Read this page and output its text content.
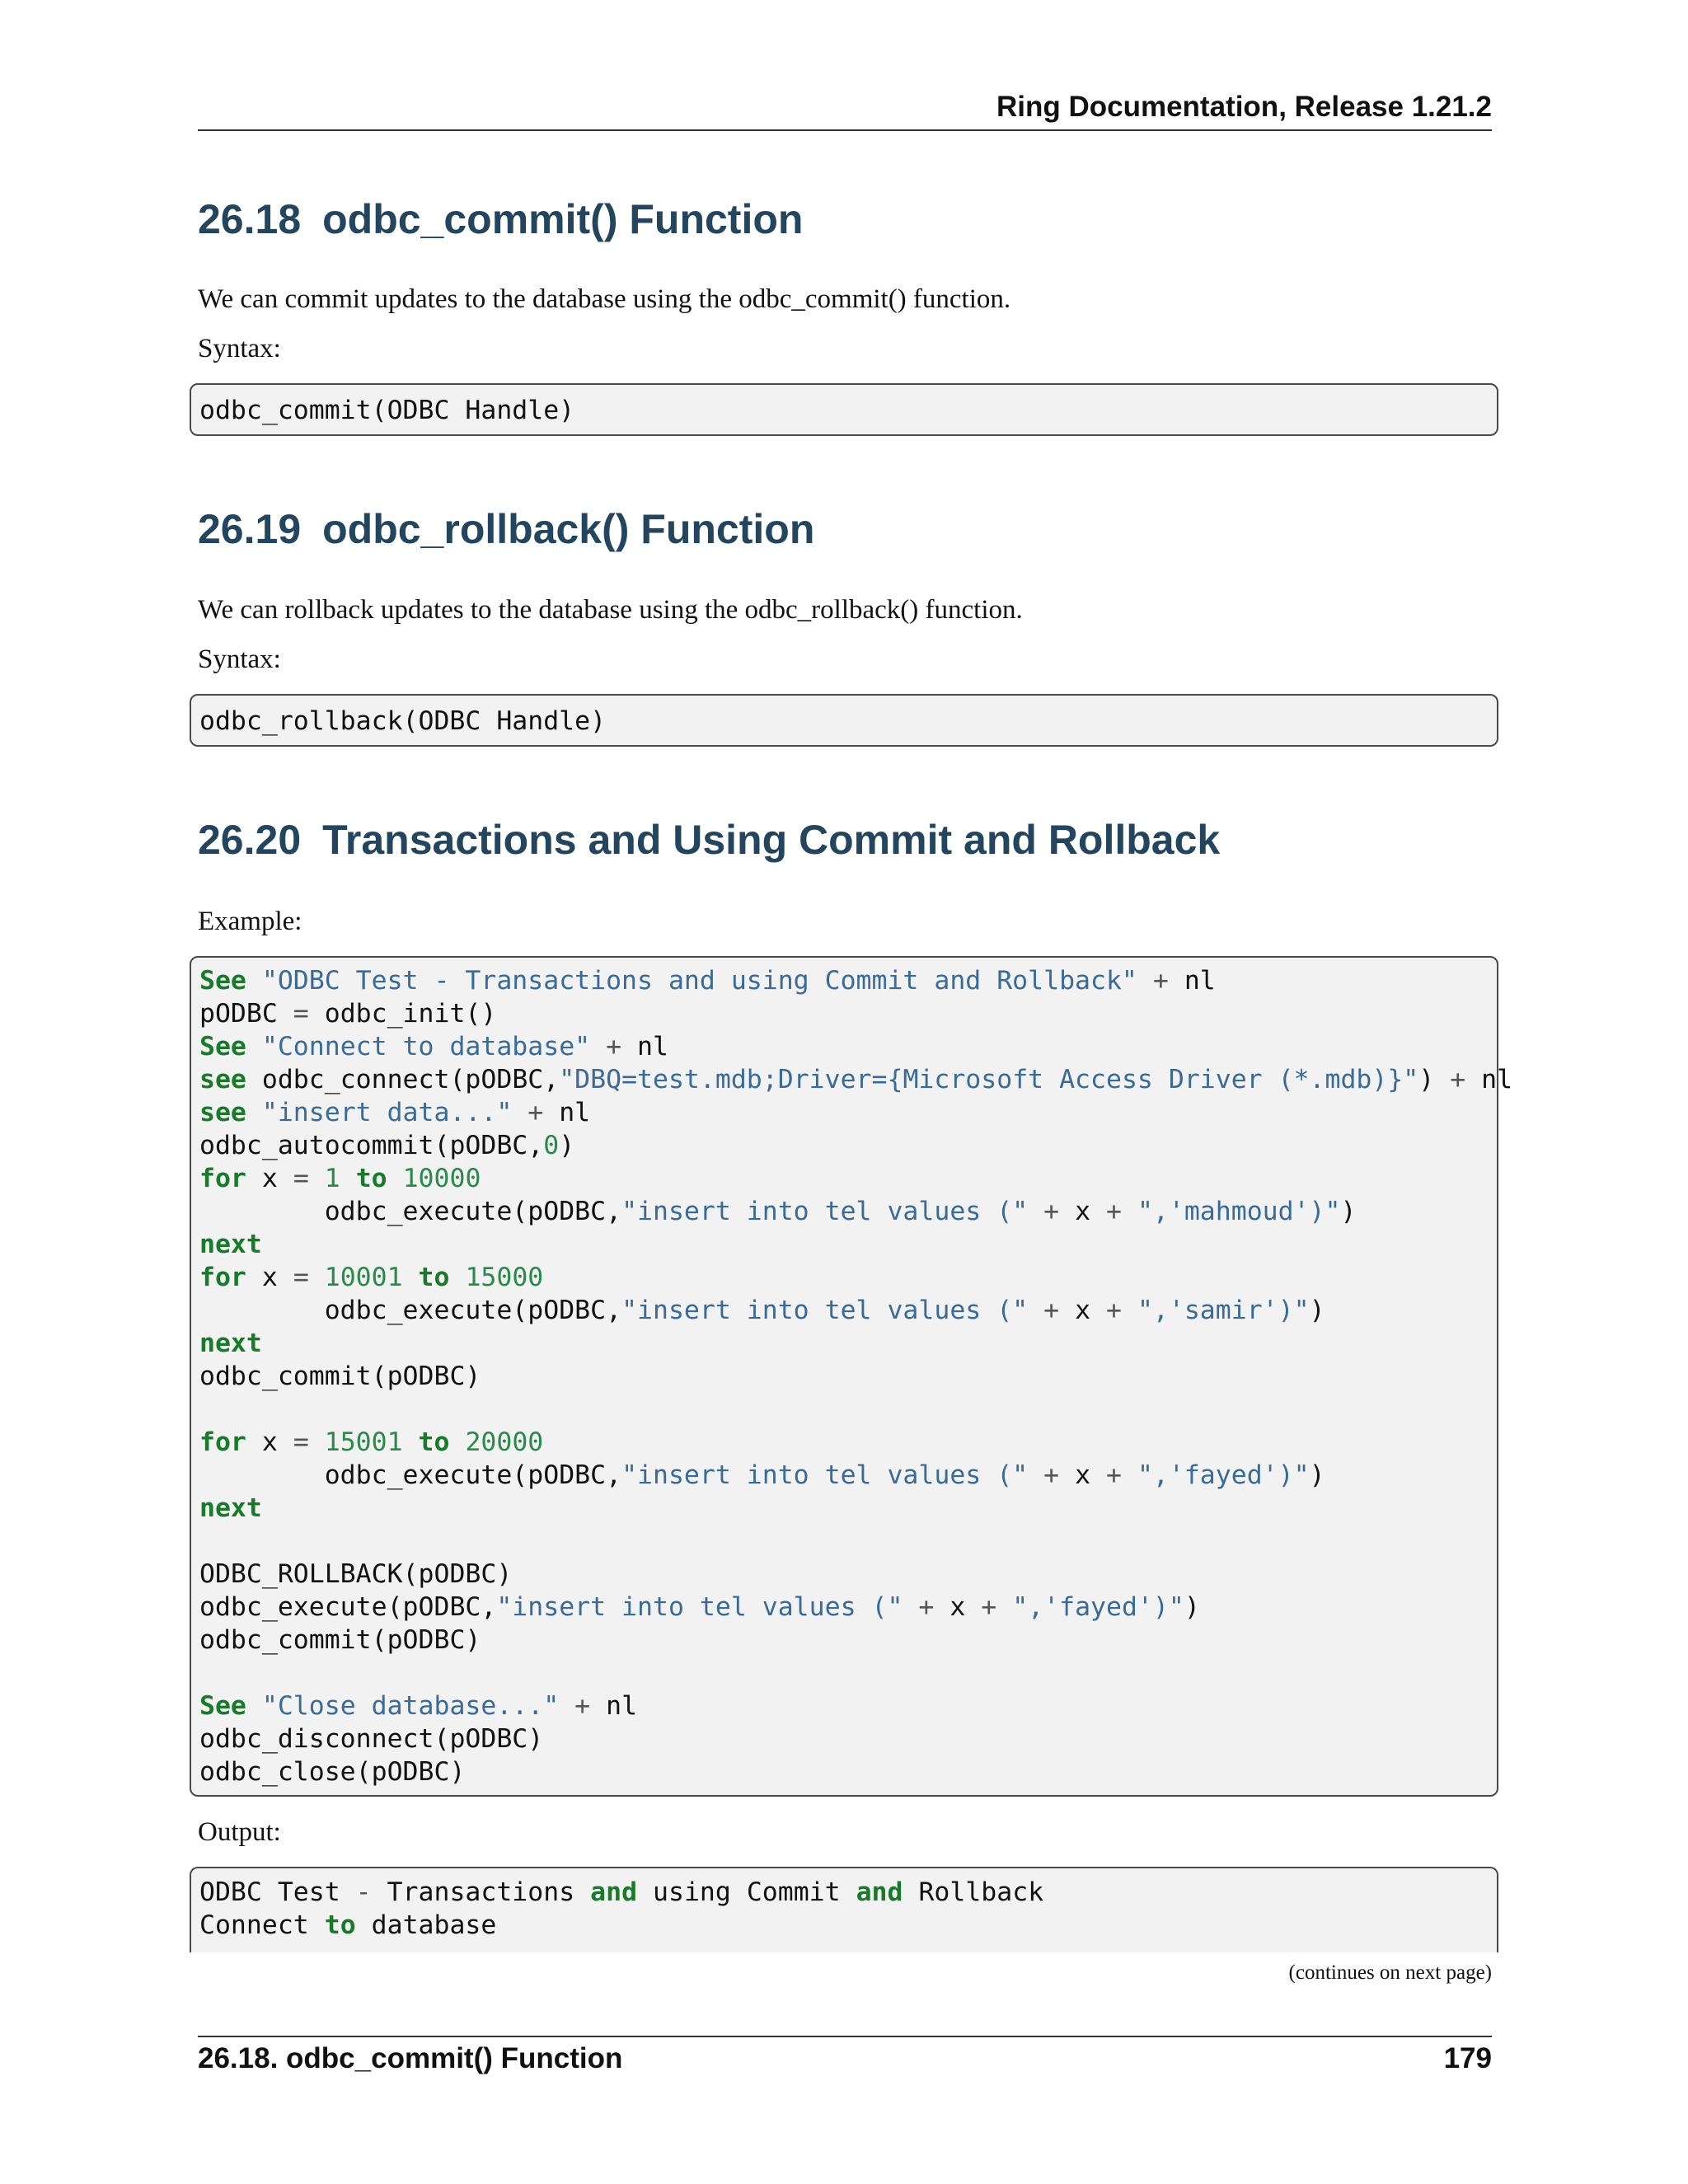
Ring Documentation, Release 1.21.2
26.18 odbc_commit() Function

We can commit updates to the database using the odbc_commit() function.

Syntax:

odbc_commit(ODBC Handle)
26.19 odbc_rollback() Function

We can rollback updates to the database using the odbc_rollback() function.

Syntax:

odbc_rollback(ODBC Handle)
26.20 Transactions and Using Commit and Rollback

Example:

See "ODBC Test - Transactions and using Commit and Rollback" + nl
pODBC = odbc_init()
See "Connect to database" + nl
see odbc_connect(pODBC,"DBQ=test.mdb;Driver={Microsoft Access Driver (*.mdb)}") + nl
see "insert data..." + nl
odbc_autocommit(pODBC,0)
for x = 1 to 10000
odbc_execute(pODBC,"insert into tel values (" + x + ",'mahmoud')")
next
for x = 10001 to 15000
odbc_execute(pODBC,"insert into tel values (" + x + ",'samir')")
next
odbc_commit(pODBC)

for x = 15001 to 20000
odbc_execute(pODBC,"insert into tel values (" + x + ",'fayed')")
next

ODBC_ROLLBACK(pODBC)
odbc_execute(pODBC,"insert into tel values (" + x + ",'fayed')")
odbc_commit(pODBC)

See "Close database..." + nl
odbc_disconnect(pODBC)
odbc_close(pODBC)

Output:

ODBC Test - Transactions and using Commit and Rollback
Connect to database
(continues on next page)
26.18. odbc_commit() Function	179
